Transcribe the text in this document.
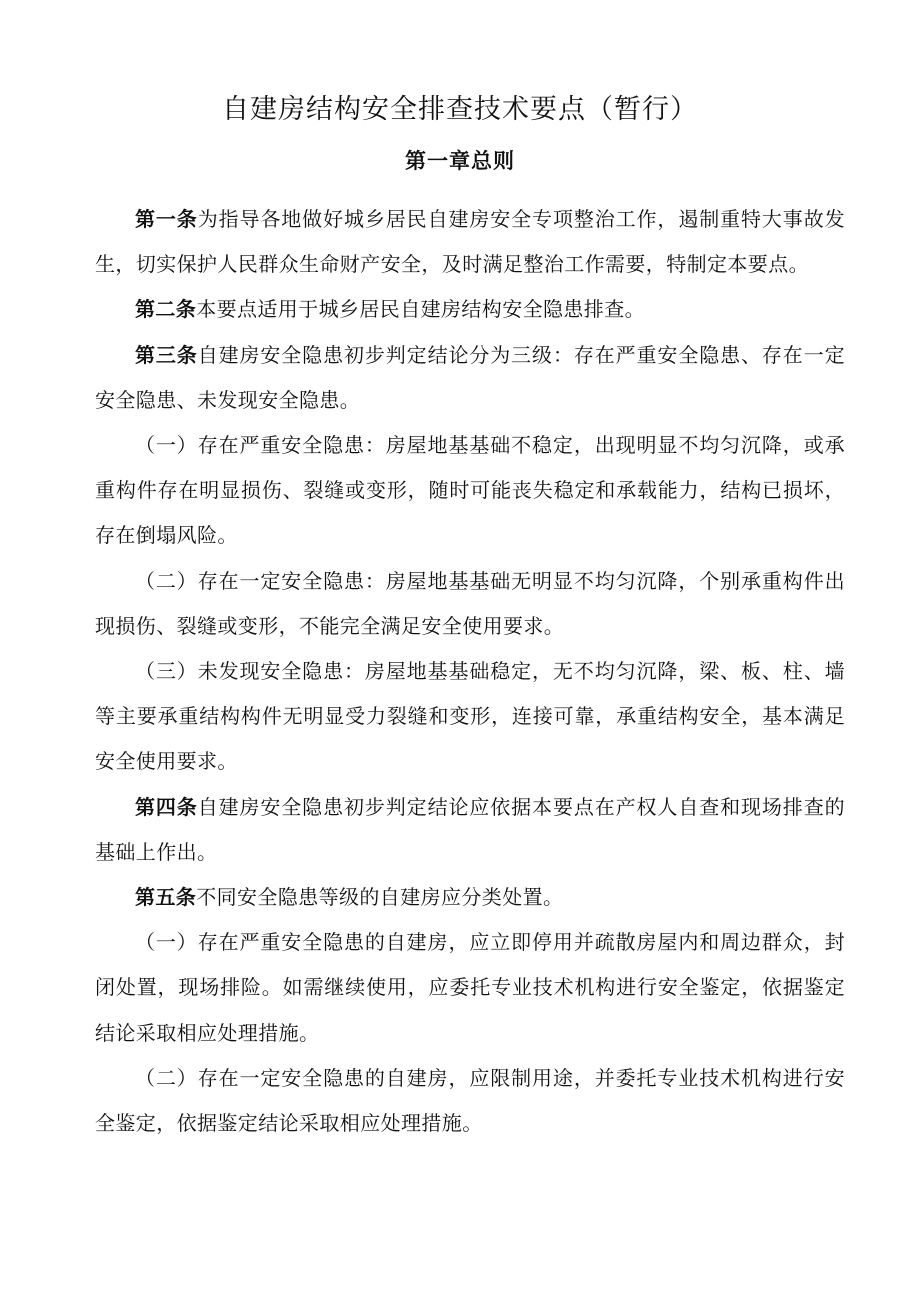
自建房结构安全排查技术要点（暂行）
第一章总则

第一条为指导各地做好城乡居民自建房安全专项整治工作，遏制重特大事故发生，切实保护人民群众生命财产安全，及时满足整治工作需要，特制定本要点。

第二条本要点适用于城乡居民自建房结构安全隐患排查。

第三条自建房安全隐患初步判定结论分为三级：存在严重安全隐患、存在一定安全隐患、未发现安全隐患。

（一）存在严重安全隐患：房屋地基基础不稳定，出现明显不均匀沉降，或承重构件存在明显损伤、裂缝或变形，随时可能丧失稳定和承载能力，结构已损坏，存在倒塌风险。

（二）存在一定安全隐患：房屋地基基础无明显不均匀沉降，个别承重构件出现损伤、裂缝或变形，不能完全满足安全使用要求。

（三）未发现安全隐患：房屋地基基础稳定，无不均匀沉降，梁、板、柱、墙等主要承重结构构件无明显受力裂缝和变形，连接可靠，承重结构安全，基本满足安全使用要求。

第四条自建房安全隐患初步判定结论应依据本要点在产权人自查和现场排查的基础上作出。

第五条不同安全隐患等级的自建房应分类处置。

（一）存在严重安全隐患的自建房，应立即停用并疏散房屋内和周边群众，封闭处置，现场排险。如需继续使用，应委托专业技术机构进行安全鉴定，依据鉴定结论采取相应处理措施。

（二）存在一定安全隐患的自建房，应限制用途，并委托专业技术机构进行安全鉴定，依据鉴定结论采取相应处理措施。
